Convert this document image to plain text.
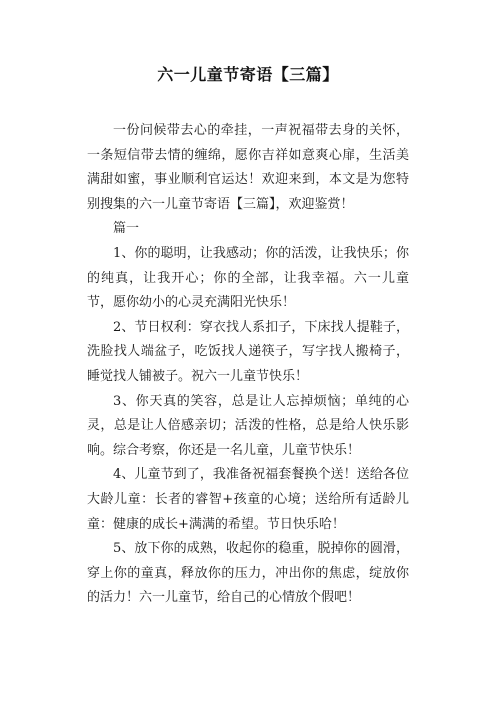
六一儿童节寄语【三篇】

一份问候带去心的牵挂，一声祝福带去身的关怀，一条短信带去情的缠绵，愿你吉祥如意爽心扉，生活美满甜如蜜，事业顺利官运达！欢迎来到，本文是为您特别搜集的六一儿童节寄语【三篇】，欢迎鉴赏！

篇一

1、你的聪明，让我感动；你的活泼，让我快乐；你的纯真，让我开心；你的全部，让我幸福。六一儿童节，愿你幼小的心灵充满阳光快乐！

2、节日权利：穿衣找人系扣子，下床找人提鞋子，洗脸找人端盆子，吃饭找人递筷子，写字找人搬椅子，睡觉找人铺被子。祝六一儿童节快乐！

3、你天真的笑容，总是让人忘掉烦恼；单纯的心灵，总是让人倍感亲切；活泼的性格，总是给人快乐影响。综合考察，你还是一名儿童，儿童节快乐！

4、儿童节到了，我准备祝福套餐换个送！送给各位大龄儿童：长者的睿智+孩童的心境；送给所有适龄儿童：健康的成长+满满的希望。节日快乐哈！

5、放下你的成熟，收起你的稳重，脱掉你的圆滑，穿上你的童真，释放你的压力，冲出你的焦虑，绽放你的活力！六一儿童节，给自己的心情放个假吧！
